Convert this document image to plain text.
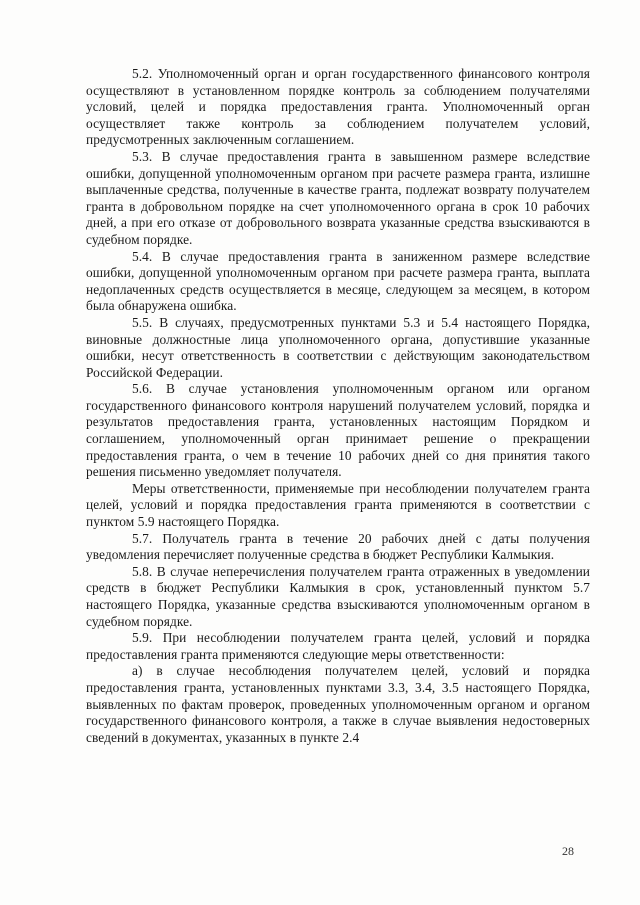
5.2. Уполномоченный орган и орган государственного финансового контроля осуществляют в установленном порядке контроль за соблюдением получателями условий, целей и порядка предоставления гранта. Уполномоченный орган осуществляет также контроль за соблюдением получателем условий, предусмотренных заключенным соглашением.

5.3. В случае предоставления гранта в завышенном размере вследствие ошибки, допущенной уполномоченным органом при расчете размера гранта, излишне выплаченные средства, полученные в качестве гранта, подлежат возврату получателем гранта в добровольном порядке на счет уполномоченного органа в срок 10 рабочих дней, а при его отказе от добровольного возврата указанные средства взыскиваются в судебном порядке.

5.4. В случае предоставления гранта в заниженном размере вследствие ошибки, допущенной уполномоченным органом при расчете размера гранта, выплата недоплаченных средств осуществляется в месяце, следующем за месяцем, в котором была обнаружена ошибка.

5.5. В случаях, предусмотренных пунктами 5.3 и 5.4 настоящего Порядка, виновные должностные лица уполномоченного органа, допустившие указанные ошибки, несут ответственность в соответствии с действующим законодательством Российской Федерации.

5.6. В случае установления уполномоченным органом или органом государственного финансового контроля нарушений получателем условий, порядка и результатов предоставления гранта, установленных настоящим Порядком и соглашением, уполномоченный орган принимает решение о прекращении предоставления гранта, о чем в течение 10 рабочих дней со дня принятия такого решения письменно уведомляет получателя.

Меры ответственности, применяемые при несоблюдении получателем гранта целей, условий и порядка предоставления гранта применяются в соответствии с пунктом 5.9 настоящего Порядка.

5.7. Получатель гранта в течение 20 рабочих дней с даты получения уведомления перечисляет полученные средства в бюджет Республики Калмыкия.

5.8. В случае неперечисления получателем гранта отраженных в уведомлении средств в бюджет Республики Калмыкия в срок, установленный пунктом 5.7 настоящего Порядка, указанные средства взыскиваются уполномоченным органом в судебном порядке.

5.9. При несоблюдении получателем гранта целей, условий и порядка предоставления гранта применяются следующие меры ответственности:

а) в случае несоблюдения получателем целей, условий и порядка предоставления гранта, установленных пунктами 3.3, 3.4, 3.5 настоящего Порядка, выявленных по фактам проверок, проведенных уполномоченным органом и органом государственного финансового контроля, а также в случае выявления недостоверных сведений в документах, указанных в пункте 2.4

28
